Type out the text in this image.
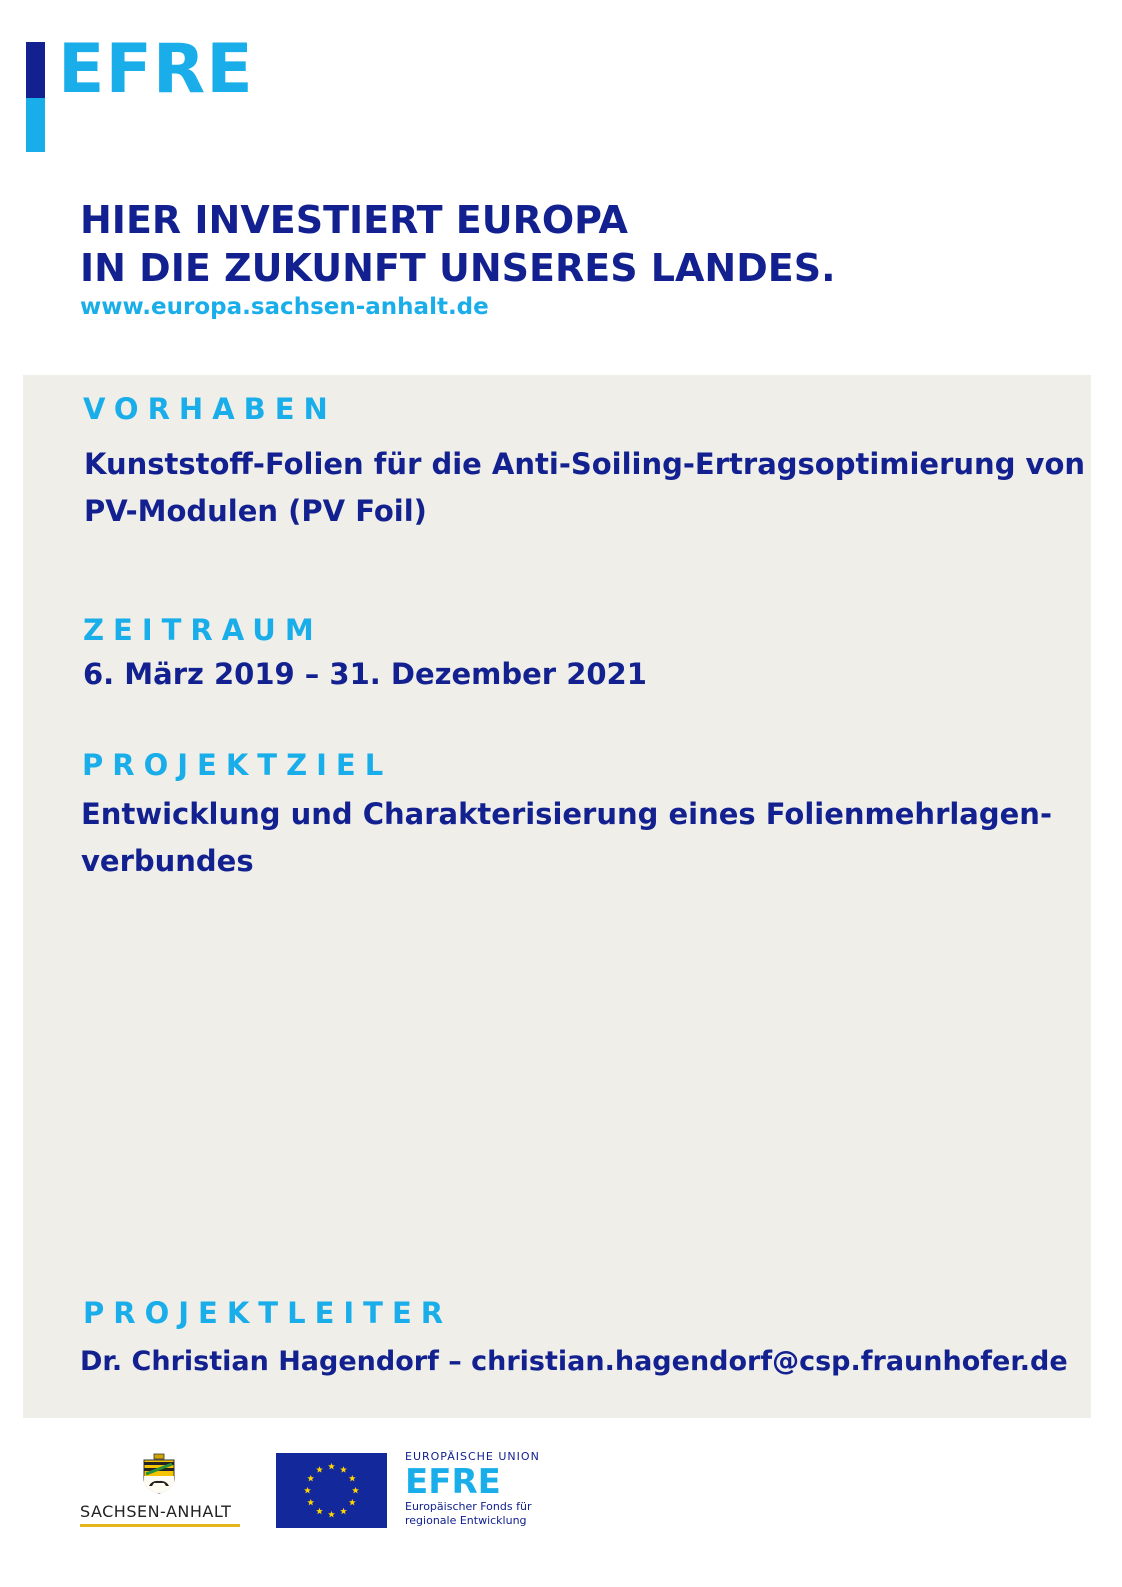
EFRE
HIER INVESTIERT EUROPA
IN DIE ZUKUNFT UNSERES LANDES.
www.europa.sachsen-anhalt.de
VORHABEN
Kunststoff-Folien für die Anti-Soiling-Ertragsoptimierung von
PV-Modulen (PV Foil)
ZEITRAUM
6. März 2019 – 31. Dezember 2021
PROJEKTZIEL
Entwicklung und Charakterisierung eines Folienmehrlagen-
verbundes
PROJEKTLEITER
Dr. Christian Hagendorf – christian.hagendorf@csp.fraunhofer.de
SACHSEN-ANHALT
EUROPÄISCHE UNION
EFRE
Europäischer Fonds für
regionale Entwicklung
